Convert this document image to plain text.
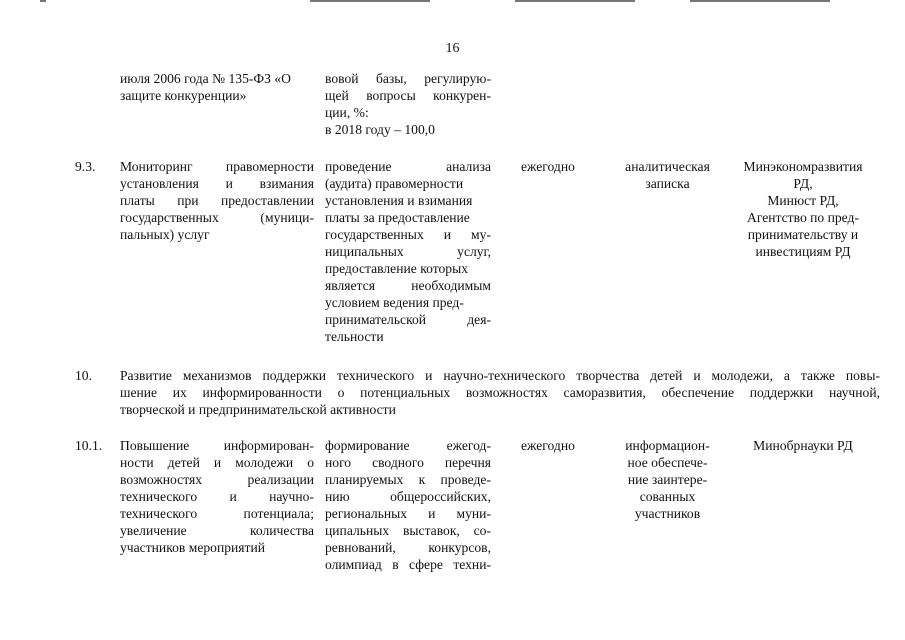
16
июля 2006 года № 135-ФЗ «О
защите конкуренции»
вовой базы, регулирую-
щей вопросы конкурен-
ции, %:
в 2018 году – 100,0
9.3. Мониторинг правомерности
установления и взимания
платы при предоставлении
государственных (муници-
пальных) услуг
проведение анализа
(аудита) правомерности
установления и взимания
платы за предоставление
государственных и му-
ниципальных услуг,
предоставление которых
является необходимым
условием ведения пред-
принимательской дея-
тельности
ежегодно	аналитическая
записка
Минэкономразвития
РД,
Минюст РД,
Агентство по пред-
принимательству и
инвестициям РД
10. Развитие механизмов поддержки технического и научно-технического творчества детей и молодежи, а также повы-
шение их информированности о потенциальных возможностях саморазвития, обеспечение поддержки научной,
творческой и предпринимательской активности
10.1. Повышение информирован-
ности детей и молодежи о
возможностях реализации
технического и научно-
технического потенциала;
увеличение количества
участников мероприятий
формирование ежегод-
ного сводного перечня
планируемых к проведе-
нию общероссийских,
региональных и муни-
ципальных выставок, со-
ревнований, конкурсов,
олимпиад в сфере техни-
ежегодно	информацион-
ное обеспече-
ние заинтере-
сованных
участников
Минобрнауки РД
